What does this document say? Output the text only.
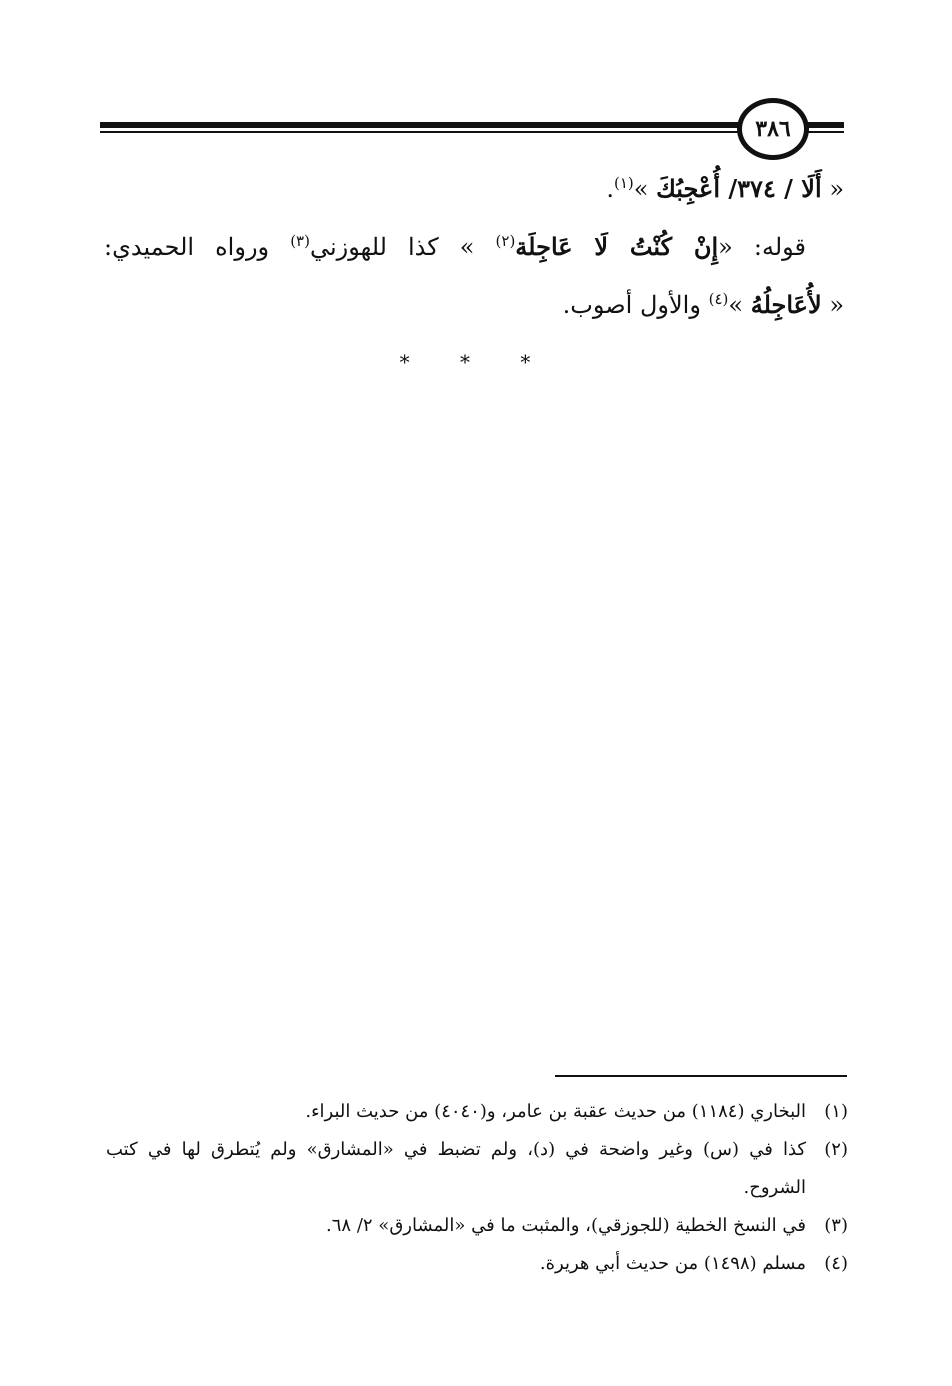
٣٨٦
« أَلَا / ٣٧٤/ أُعْجِبُكَ »$^{(١)}$.
قوله: «إِنْ كُنْتُ لَا عَاجِلَة$^{(٢)}$ » كذا للهوزني$^{(٣)}$ ورواه الحميدي:
« لأُعَاجِلُهُ »$^{(٤)}$ والأول أصوب.
* * *
(١)
البخاري (١١٨٤) من حديث عقبة بن عامر، و(٤٠٤٠) من حديث البراء.
(٢)
كذا في (س) وغير واضحة في (د)، ولم تضبط في «المشارق» ولم يُتطرق لها في كتب الشروح.
(٣)
في النسخ الخطية (للجوزقي)، والمثبت ما في «المشارق» ٢/ ٦٨.
(٤)
مسلم (١٤٩٨) من حديث أبي هريرة.
